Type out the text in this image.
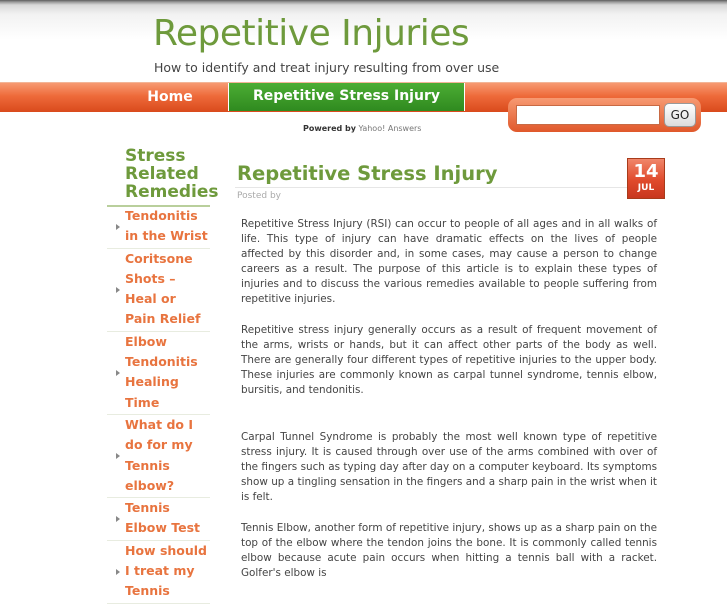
Repetitive Injuries
How to identify and treat injury resulting from over use
Home	Repetitive Stress Injury
GO
Powered by Yahoo! Answers
Stress Related Remedies
Tendonitis in the Wrist
Coritsone Shots – Heal or Pain Relief
Elbow Tendonitis Healing Time
What do I do for my Tennis elbow?
Tennis Elbow Test
How should I treat my Tennis
Repetitive Stress Injury
Posted by
14
JUL

Repetitive Stress Injury (RSI) can occur to people of all ages and in all walks of life. This type of injury can have dramatic effects on the lives of people affected by this disorder and, in some cases, may cause a person to change careers as a result. The purpose of this article is to explain these types of injuries and to discuss the various remedies available to people suffering from repetitive injuries.

Repetitive stress injury generally occurs as a result of frequent movement of the arms, wrists or hands, but it can affect other parts of the body as well. There are generally four different types of repetitive injuries to the upper body. These injuries are commonly known as carpal tunnel syndrome, tennis elbow, bursitis, and tendonitis.

Carpal Tunnel Syndrome is probably the most well known type of repetitive stress injury. It is caused through over use of the arms combined with over of the fingers such as typing day after day on a computer keyboard. Its symptoms show up a tingling sensation in the fingers and a sharp pain in the wrist when it is felt.

Tennis Elbow, another form of repetitive injury, shows up as a sharp pain on the top of the elbow where the tendon joins the bone. It is commonly called tennis elbow because acute pain occurs when hitting a tennis ball with a racket. Golfer's elbow is
